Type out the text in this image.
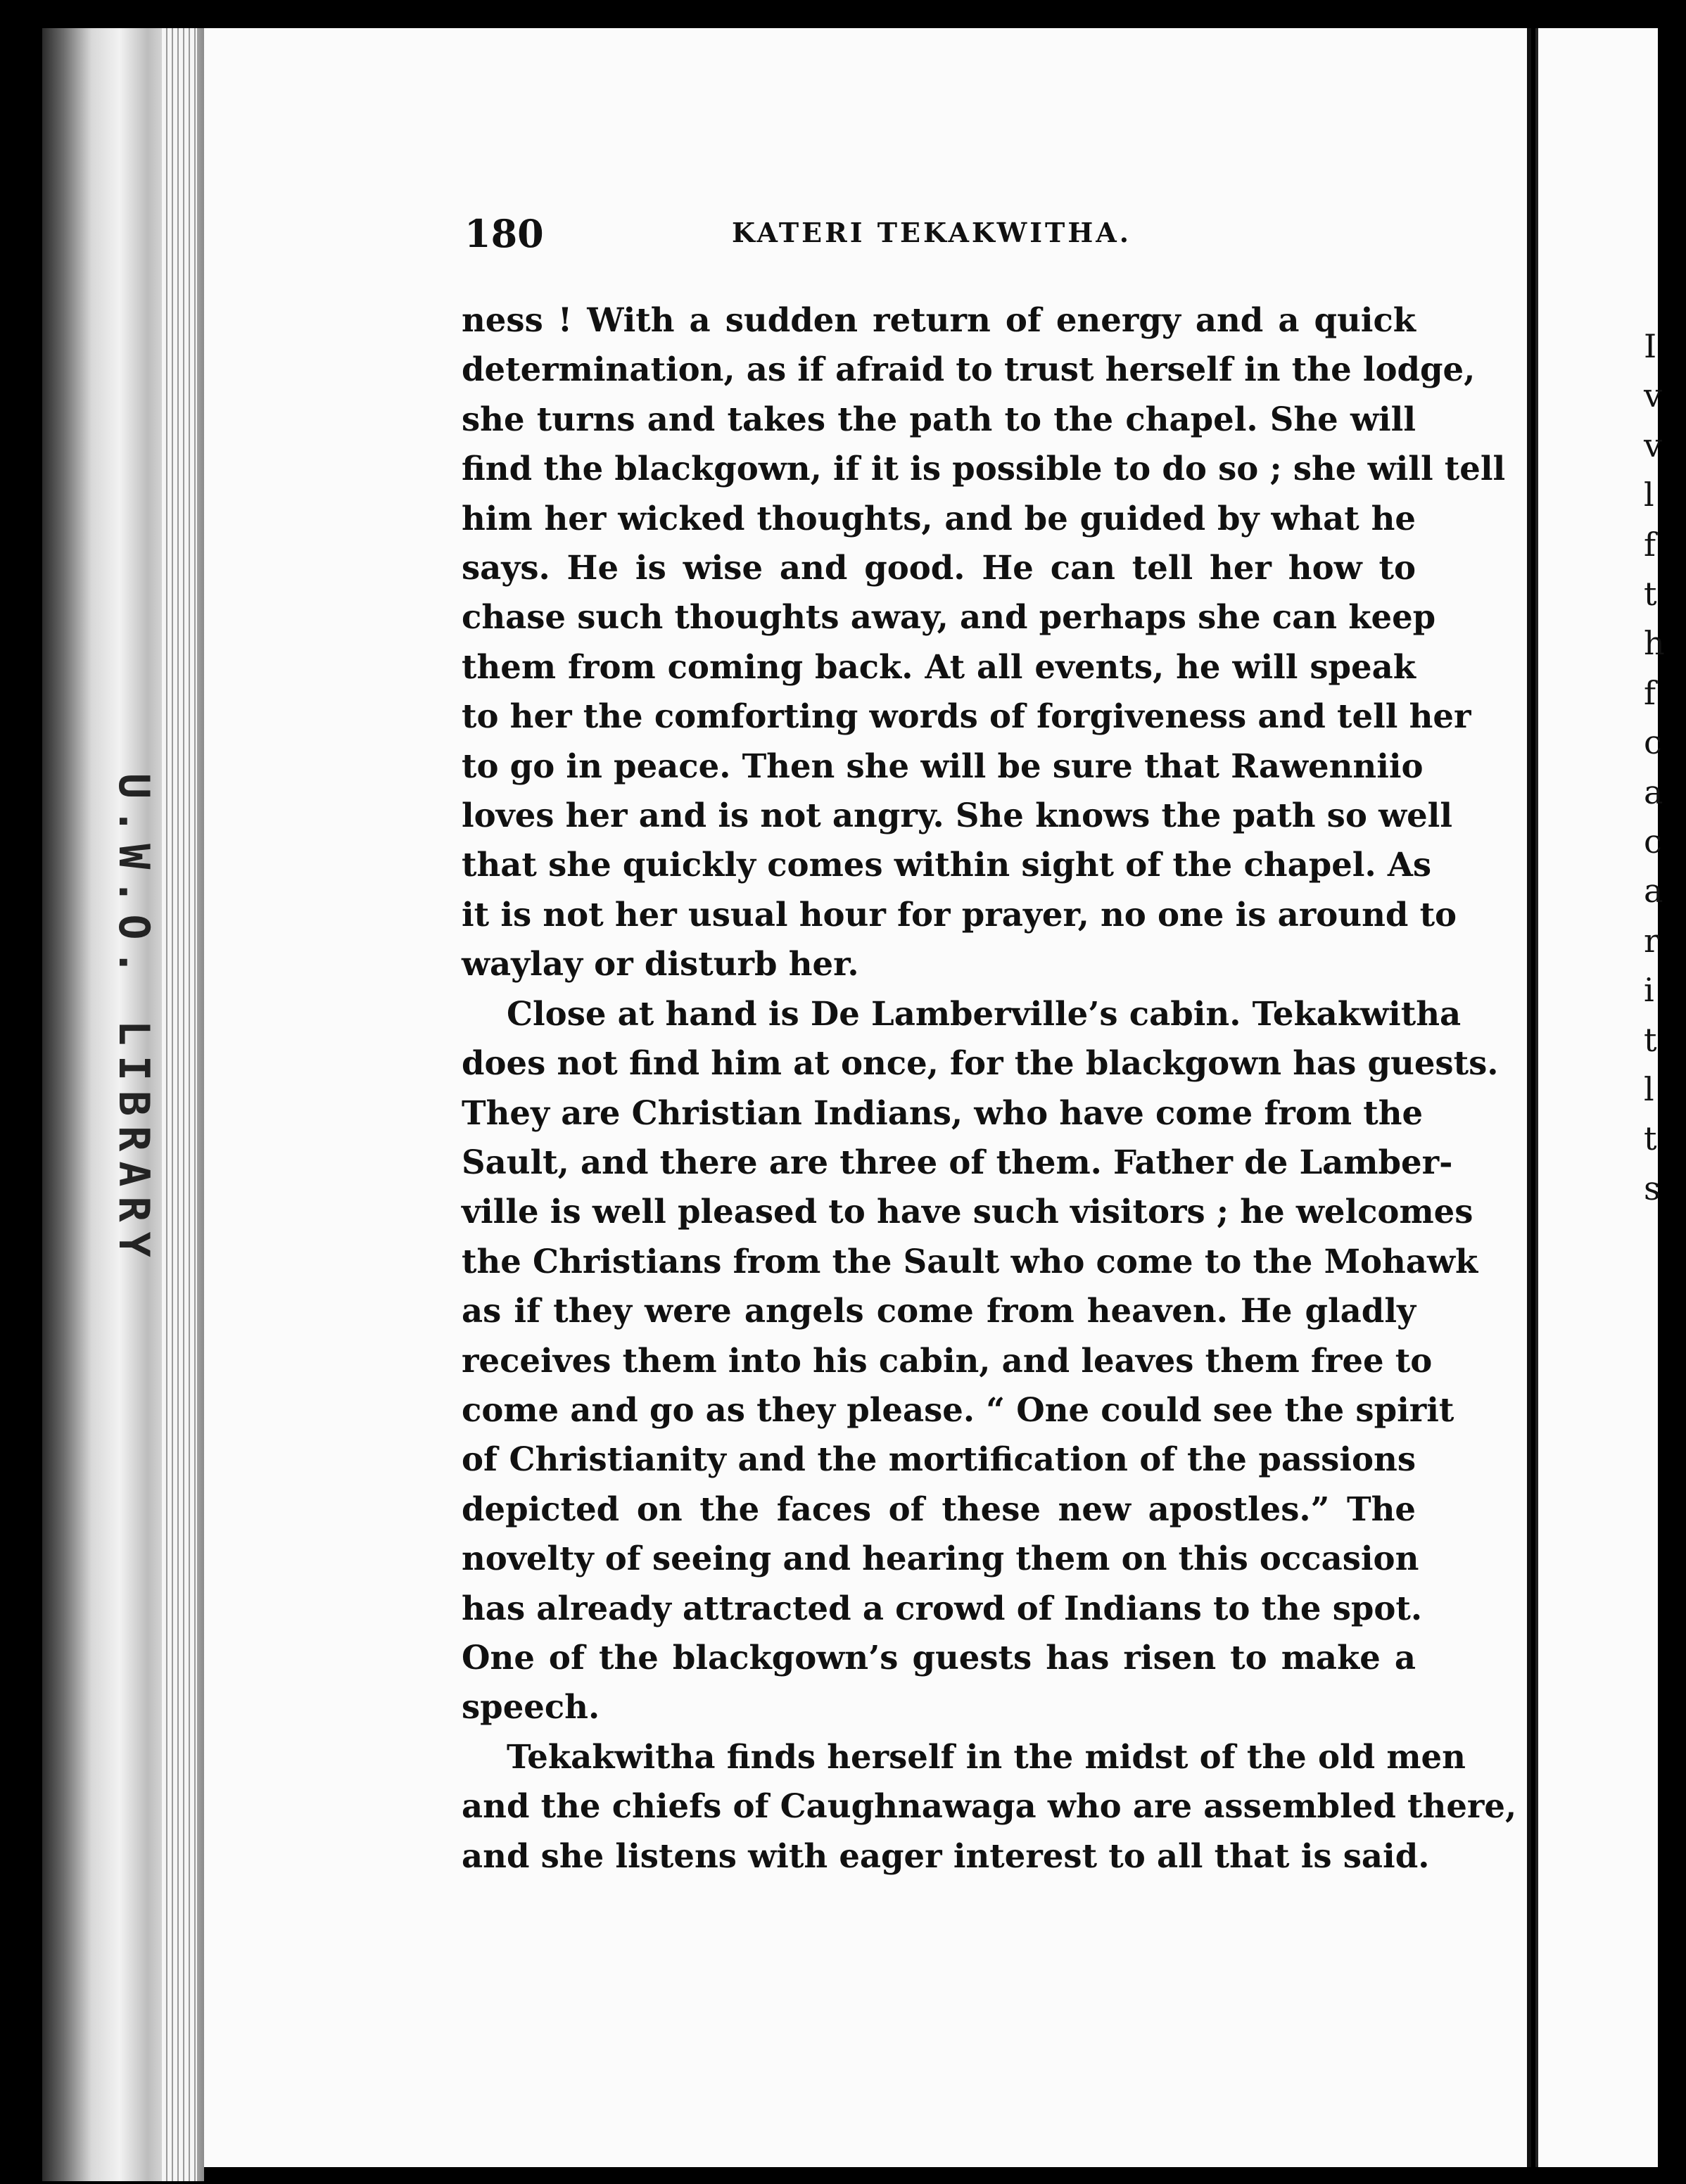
U.W.O. LIBRARY
I
v
v
l
f
t
h
f
c
a
c
a
r
i
t
l
t
s
180	KATERI TEKAKWITHA.

ness ! With a sudden return of energy and a quick
determination, as if afraid to trust herself in the lodge,
she turns and takes the path to the chapel. She will
find the blackgown, if it is possible to do so ; she will tell
him her wicked thoughts, and be guided by what he
says. He is wise and good. He can tell her how to
chase such thoughts away, and perhaps she can keep
them from coming back. At all events, he will speak
to her the comforting words of forgiveness and tell her
to go in peace. Then she will be sure that Rawenniio
loves her and is not angry. She knows the path so well
that she quickly comes within sight of the chapel. As
it is not her usual hour for prayer, no one is around to
waylay or disturb her.

Close at hand is De Lamberville’s cabin. Tekakwitha
does not find him at once, for the blackgown has guests.
They are Christian Indians, who have come from the
Sault, and there are three of them. Father de Lamber-
ville is well pleased to have such visitors ; he welcomes
the Christians from the Sault who come to the Mohawk
as if they were angels come from heaven. He gladly
receives them into his cabin, and leaves them free to
come and go as they please. “ One could see the spirit
of Christianity and the mortification of the passions
depicted on the faces of these new apostles.” The
novelty of seeing and hearing them on this occasion
has already attracted a crowd of Indians to the spot.
One of the blackgown’s guests has risen to make a
speech.

Tekakwitha finds herself in the midst of the old men
and the chiefs of Caughnawaga who are assembled there,
and she listens with eager interest to all that is said.
